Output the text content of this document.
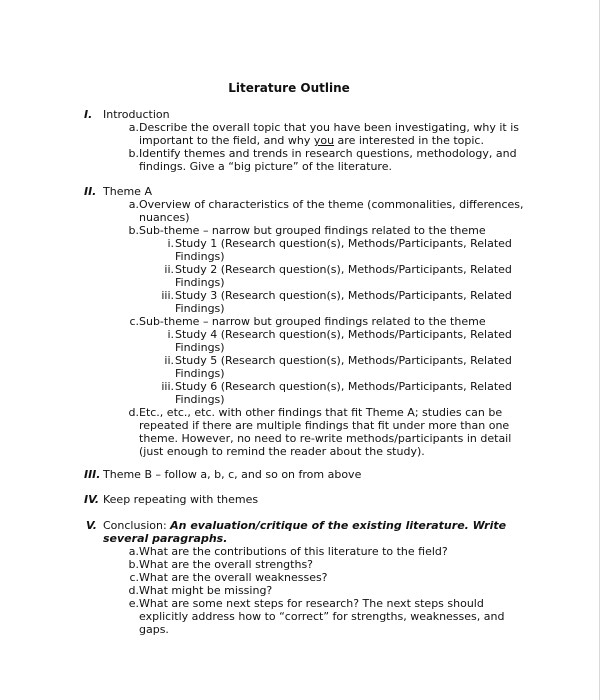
Literature Outline
I. Introduction
a. Describe the overall topic that you have been investigating, why it is important to the field, and why you are interested in the topic.
b. Identify themes and trends in research questions, methodology, and findings. Give a “big picture” of the literature.
II. Theme A
a. Overview of characteristics of the theme (commonalities, differences, nuances)
b. Sub-theme – narrow but grouped findings related to the theme
i. Study 1 (Research question(s), Methods/Participants, Related Findings)
ii. Study 2 (Research question(s), Methods/Participants, Related Findings)
iii. Study 3 (Research question(s), Methods/Participants, Related Findings)
c. Sub-theme – narrow but grouped findings related to the theme
i. Study 4 (Research question(s), Methods/Participants, Related Findings)
ii. Study 5 (Research question(s), Methods/Participants, Related Findings)
iii. Study 6 (Research question(s), Methods/Participants, Related Findings)
d. Etc., etc., etc. with other findings that fit Theme A; studies can be repeated if there are multiple findings that fit under more than one theme. However, no need to re-write methods/participants in detail (just enough to remind the reader about the study).
III. Theme B – follow a, b, c, and so on from above
IV. Keep repeating with themes
V. Conclusion: An evaluation/critique of the existing literature. Write several paragraphs.
a. What are the contributions of this literature to the field?
b. What are the overall strengths?
c. What are the overall weaknesses?
d. What might be missing?
e. What are some next steps for research? The next steps should explicitly address how to “correct” for strengths, weaknesses, and gaps.
